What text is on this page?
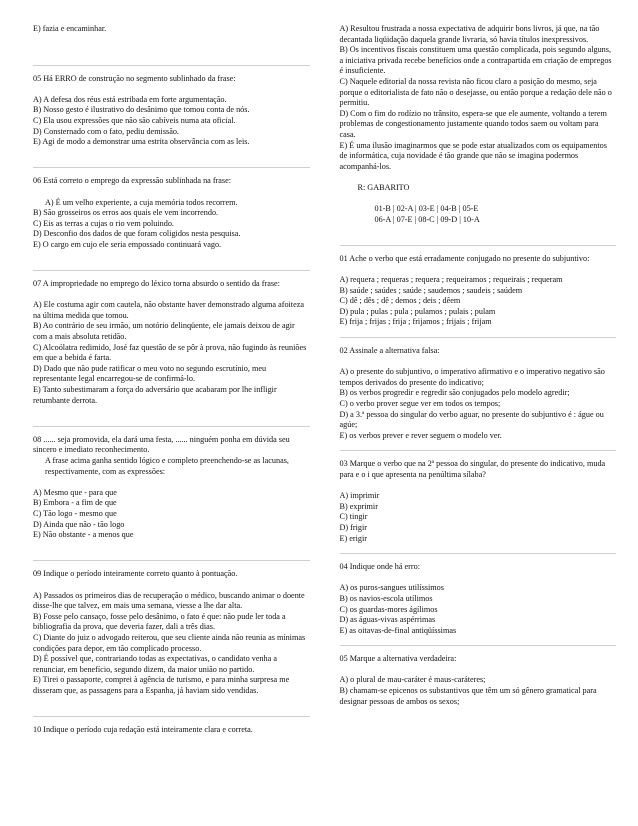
E) fazia e encaminhar.
05 Há ERRO de construção no segmento sublinhado da frase:
A) A defesa dos réus está estribada em forte argumentação.
B) Nosso gesto é ilustrativo do desânimo que tomou conta de nós.
C) Ela usou expressões que não são cabíveis numa ata oficial.
D) Consternado com o fato, pediu demissão.
E) Agi de modo a demonstrar uma estrita observância com as leis.
06 Está correto o emprego da expressão sublinhada na frase:
A) É um velho experiente, a cuja memória todos recorrem.
B) São grosseiros os erros aos quais ele vem incorrendo.
C) Eis as terras a cujas o rio vem poluindo.
D) Desconfio dos dados de que foram coligidos nesta pesquisa.
E) O cargo em cujo ele seria empossado continuará vago.
07 A impropriedade no emprego do léxico torna absurdo o sentido da frase:
A) Ele costuma agir com cautela, não obstante haver demonstrado alguma afoiteza na última medida que tomou.
B) Ao contrário de seu irmão, um notório delinqüente, ele jamais deixou de agir com a mais absoluta retidão.
C) Alcoólatra redimido, José faz questão de se pôr à prova, não fugindo às reuniões em que a bebida é farta.
D) Dado que não pude ratificar o meu voto no segundo escrutínio, meu representante legal encarregou-se de confirmá-lo.
E) Tanto subestimaram a força do adversário que acabaram por lhe infligir retumbante derrota.
08 ...... seja promovida, ela dará uma festa, ...... ninguém ponha em dúvida seu sincero e imediato reconhecimento.
A frase acima ganha sentido lógico e completo preenchendo-se as lacunas, respectivamente, com as expressões:
A) Mesmo que - para que
B) Embora - a fim de que
C) Tão logo - mesmo que
D) Ainda que não - tão logo
E) Não obstante - a menos que
09 Indique o período inteiramente correto quanto à pontuação.
A) Passados os primeiros dias de recuperação o médico, buscando animar o doente disse-lhe que talvez, em mais uma semana, viesse a lhe dar alta.
B) Fosse pelo cansaço, fosse pelo desânimo, o fato é que: não pude ler toda a bibliografia da prova, que deveria fazer, dali a três dias.
C) Diante do juiz o advogado reiterou, que seu cliente ainda não reunia as mínimas condições para depor, em tão complicado processo.
D) É possível que, contrariando todas as expectativas, o candidato venha a renunciar, em benefício, segundo dizem, da maior união no partido.
E) Tirei o passaporte, comprei à agência de turismo, e para minha surpresa me disseram que, as passagens para a Espanha, já haviam sido vendidas.
10 Indique o período cuja redação está inteiramente clara e correta.
A) Resultou frustrada a nossa expectativa de adquirir bons livros, já que, na tão decantada liqüidação daquela grande livraria, só havia títulos inexpressivos.
B) Os incentivos fiscais constituem uma questão complicada, pois segundo alguns, a iniciativa privada recebe benefícios onde a contrapartida em criação de empregos é insuficiente.
C) Naquele editorial da nossa revista não ficou claro a posição do mesmo, seja porque o editorialista de fato não o desejasse, ou então porque a redação dele não o permitiu.
D) Com o fim do rodízio no trânsito, espera-se que ele aumente, voltando a terem problemas de congestionamento justamente quando todos saem ou voltam para casa.
E) É uma ilusão imaginarmos que se pode estar atualizados com os equipamentos de informática, cuja novidade é tão grande que não se imagina podermos acompanhá-los.
R: GABARITO
01-B | 02-A | 03-E | 04-B | 05-E
06-A | 07-E | 08-C | 09-D | 10-A
01 Ache o verbo que está erradamente conjugado no presente do subjuntivo:
A) requera ; requeras ; requera ; requeiramos ; requeirais ; requeram
B) saúde ; saúdes ; saúde ; saudemos ; saudeis ; saúdem
C) dê ; dês ; dê ; demos ; deis ; dêem
D) pula ; pulas ; pula ; pulamos ; pulais ; pulam
E) frija ; frijas ; frija ; frijamos ; frijais ; frijam
02 Assinale a alternativa falsa:
A) o presente do subjuntivo, o imperativo afirmativo e o imperativo negativo são tempos derivados do presente do indicativo;
B) os verbos progredir e regredir são conjugados pelo modelo agredir;
C) o verbo prover segue ver em todos os tempos;
D) a 3.ª pessoa do singular do verbo aguar, no presente do subjuntivo é : águe ou agúe;
E) os verbos prever e rever seguem o modelo ver.
03 Marque o verbo que na 2ª pessoa do singular, do presente do indicativo, muda para e o i que apresenta na penúltima sílaba?
A) imprimir
B) exprimir
C) tingir
D) frigir
E) erigir
04 Indique onde há erro:
A) os puros-sangues utilíssimos
B) os navios-escola utílimos
C) os guardas-mores ágílimos
D) as águas-vivas aspérrimas
E) as oitavas-de-final antiqüíssimas
05 Marque a alternativa verdadeira:
A) o plural de mau-caráter é maus-caráteres;
B) chamam-se epicenos os substantivos que têm um só gênero gramatical para designar pessoas de ambos os sexos;
